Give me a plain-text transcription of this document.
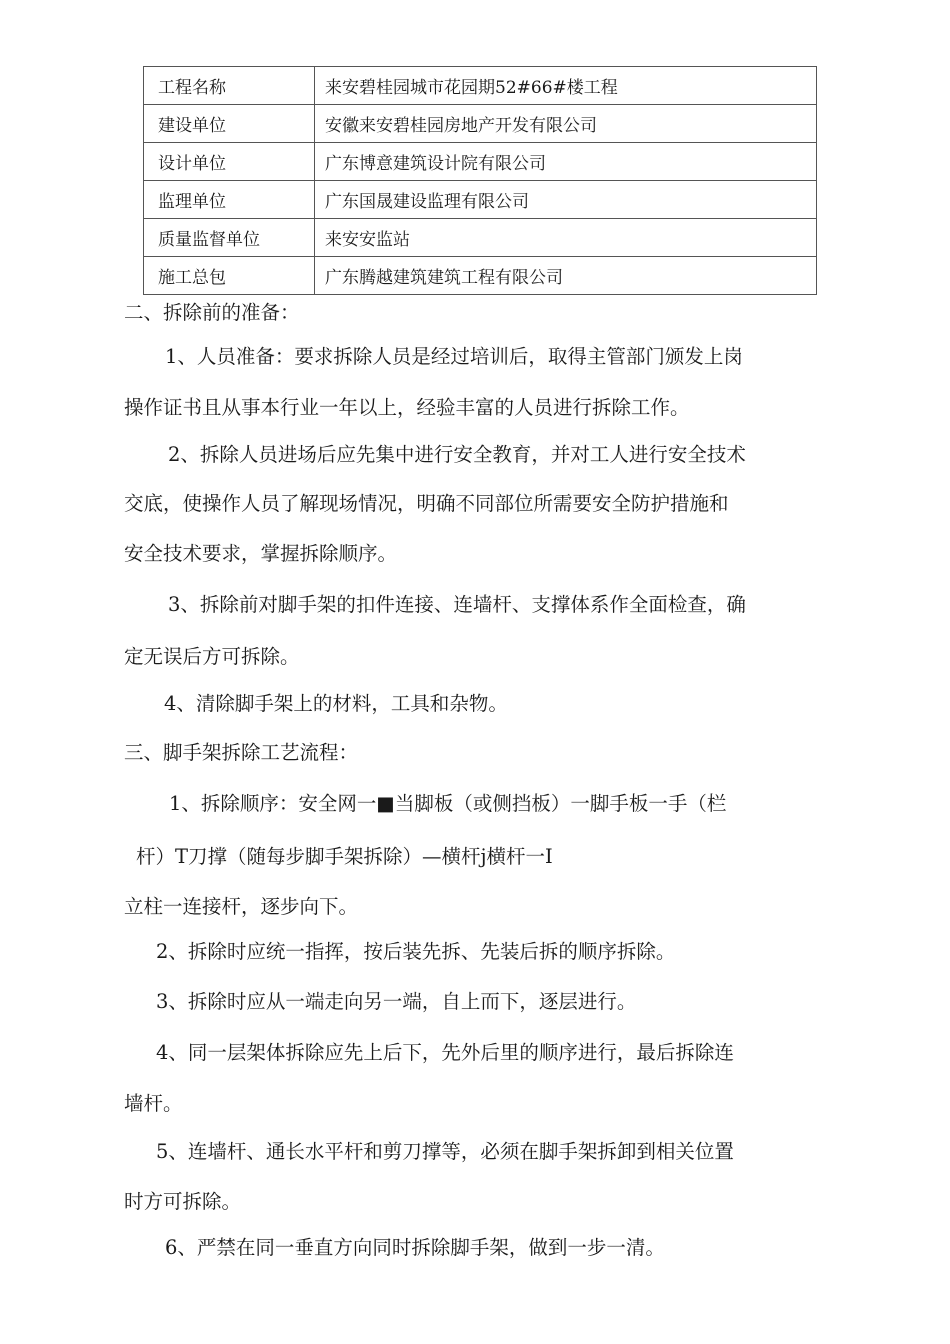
工程名称	来安碧桂园城市花园期52#66#楼工程
建设单位	安徽来安碧桂园房地产开发有限公司
设计单位	广东博意建筑设计院有限公司
监理单位	广东国晟建设监理有限公司
质量监督单位	来安安监站
施工总包	广东腾越建筑建筑工程有限公司
二、拆除前的准备：
1、人员准备：要求拆除人员是经过培训后，取得主管部门颁发上岗
操作证书且从事本行业一年以上，经验丰富的人员进行拆除工作。
2、拆除人员进场后应先集中进行安全教育，并对工人进行安全技术
交底，使操作人员了解现场情况，明确不同部位所需要安全防护措施和
安全技术要求，掌握拆除顺序。
3、拆除前对脚手架的扣件连接、连墙杆、支撑体系作全面检查，确
定无误后方可拆除。
4、清除脚手架上的材料，工具和杂物。
三、脚手架拆除工艺流程：
1、拆除顺序：安全网一■当脚板（或侧挡板）一脚手板一手（栏
杆）T刀撑（随每步脚手架拆除）—横杆j横杆一I
立柱一连接杆，逐步向下。
2、拆除时应统一指挥，按后装先拆、先装后拆的顺序拆除。
3、拆除时应从一端走向另一端，自上而下，逐层进行。
4、同一层架体拆除应先上后下，先外后里的顺序进行，最后拆除连
墙杆。
5、连墙杆、通长水平杆和剪刀撑等，必须在脚手架拆卸到相关位置
时方可拆除。
6、严禁在同一垂直方向同时拆除脚手架，做到一步一清。
